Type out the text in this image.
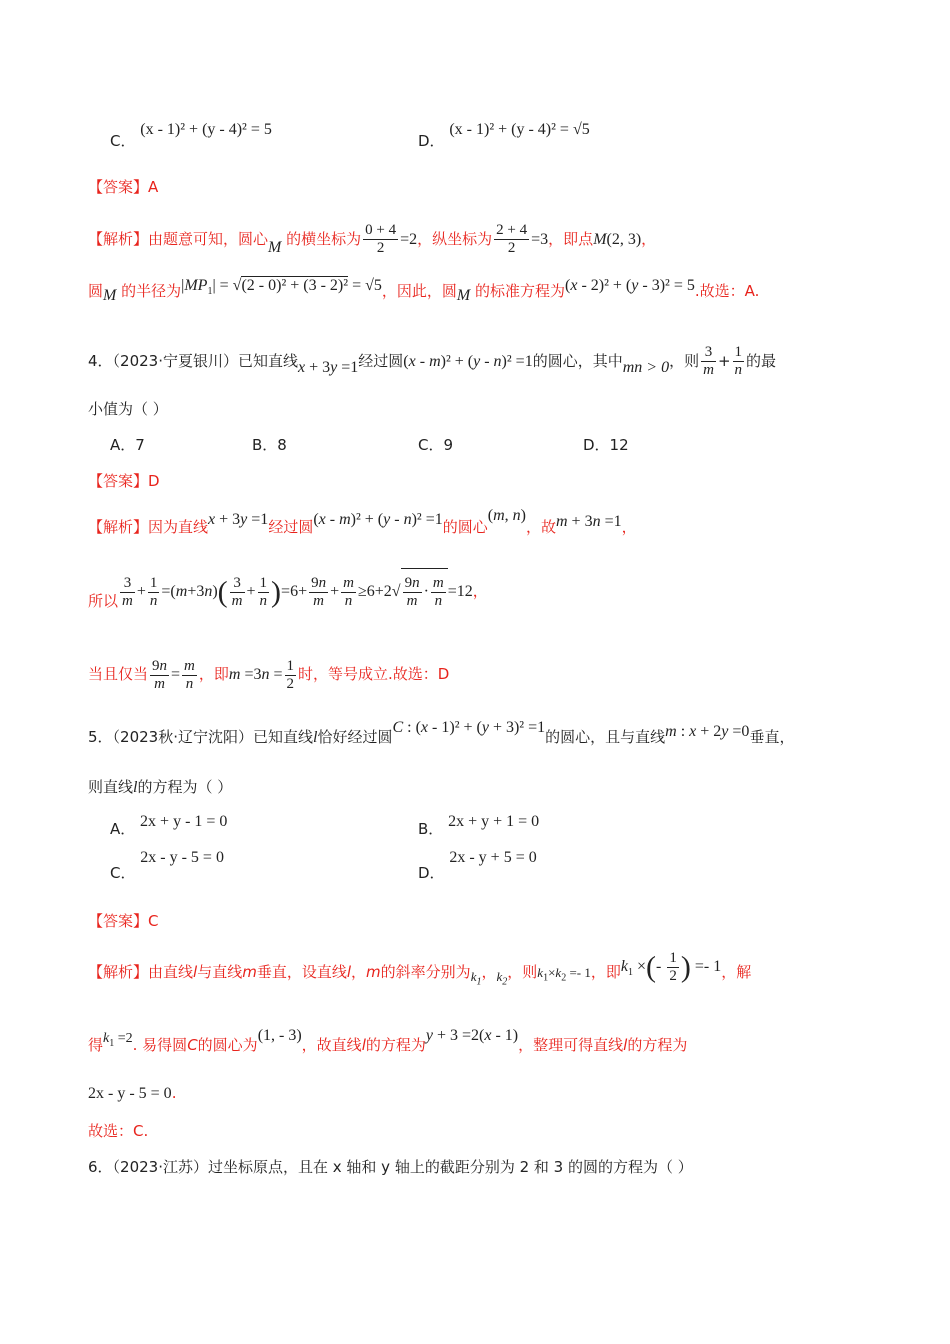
C． (x - 1)² + (y - 4)² = 5
D． (x - 1)² + (y - 4)² = √5
【答案】A
【解析】由题意可知，圆心M 的横坐标为 $\frac{0 + 4}{2} =2$，纵坐标为 $\frac{2 + 4}{2} =3$，即点M(2, 3)，
圆M 的半径为$|MP_1| = √(2 - 0)^2 + (3 - 2)^2 = √5$，因此，圆M 的标准方程为(x - 2)² + (y - 3)² = 5.故选：A.
4．（2023·宁夏银川）已知直线x + 3y =1经过圆(x - m)² + (y - n)² =1的圆心，其中mn > 0，则 $\frac{3}{m} + \frac{1}{n}$ 的最
小值为（ ）
A．7	B．8	C．9	D．12
【答案】D
【解析】因为直线x + 3y =1经过圆(x - m)² + (y - n)² =1的圆心(m, n)，故m + 3n =1，
所以 $\frac{3}{m} + \frac{1}{n} =(m+3n)( \frac{3}{m} + \frac{1}{n} )=6+ \frac{9n}{m} + \frac{m}{n} \ge 6+2√ \frac{9n}{m} \cdot \frac{m}{n} =12$，
当且仅当 $\frac{9n}{m} = \frac{m}{n}$ ，即$m =3n = \frac{1}{2}$ 时，等号成立.故选：D
5．（2023秋·辽宁沈阳）已知直线l恰好经过圆C : (x - 1)² + (y + 3)² =1的圆心，且与直线m : x + 2y =0垂直，
则直线l的方程为（ ）
A． 2x + y - 1 = 0	B． 2x + y + 1 = 0
C． 2x - y - 5 = 0
D． 2x - y + 5 = 0
【答案】C
【解析】由直线l与直线m垂直，设直线l，m的斜率分别为$k_1$，$k_2$，则$k_1\times k_2 =- 1$，即$k_1$ ×(- $\frac{1}{2}$ ) =- 1，解
得$k_1 =2$. 易得圆C的圆心为(1, - 3)，故直线l的方程为y + 3 =2(x - 1)，整理可得直线l的方程为
2x - y - 5 = 0.
故选：C.
6．（2023·江苏）过坐标原点，且在 x 轴和 y 轴上的截距分别为 2 和 3 的圆的方程为（ ）
